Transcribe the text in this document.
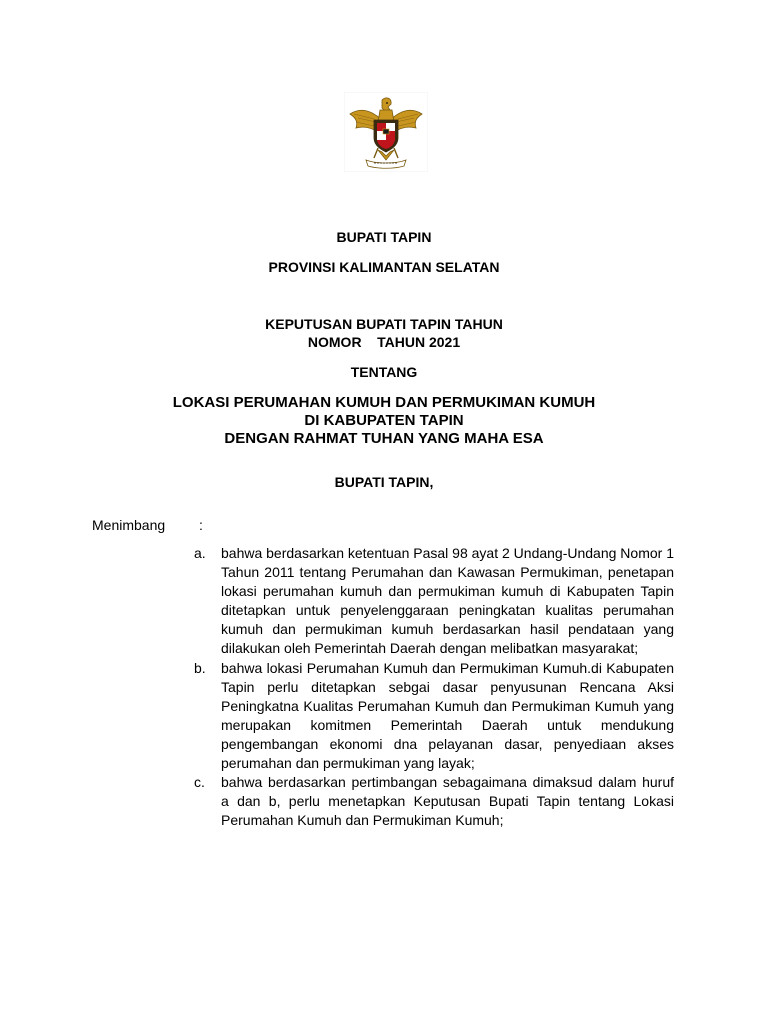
BUPATI TAPIN

PROVINSI KALIMANTAN SELATAN

KEPUTUSAN BUPATI TAPIN TAHUN

NOMOR    TAHUN 2021

TENTANG

LOKASI PERUMAHAN KUMUH DAN PERMUKIMAN KUMUH

DI KABUPATEN TAPIN

DENGAN RAHMAT TUHAN YANG MAHA ESA

BUPATI TAPIN,

Menimbang :
a. bahwa berdasarkan ketentuan Pasal 98 ayat 2 Undang-Undang Nomor 1 Tahun 2011 tentang Perumahan dan Kawasan Permukiman, penetapan lokasi perumahan kumuh dan permukiman kumuh di Kabupaten Tapin ditetapkan untuk penyelenggaraan peningkatan kualitas perumahan kumuh dan permukiman kumuh berdasarkan hasil pendataan yang dilakukan oleh Pemerintah Daerah dengan melibatkan masyarakat;
b. bahwa lokasi Perumahan Kumuh dan Permukiman Kumuh.di Kabupaten Tapin perlu ditetapkan sebgai dasar penyusunan Rencana Aksi Peningkatna Kualitas Perumahan Kumuh dan Permukiman Kumuh yang merupakan komitmen Pemerintah Daerah untuk mendukung pengembangan ekonomi dna pelayanan dasar, penyediaan akses perumahan dan permukiman yang layak;
c. bahwa berdasarkan pertimbangan sebagaimana dimaksud dalam huruf a dan b, perlu menetapkan Keputusan Bupati Tapin tentang Lokasi Perumahan Kumuh dan Permukiman Kumuh;
